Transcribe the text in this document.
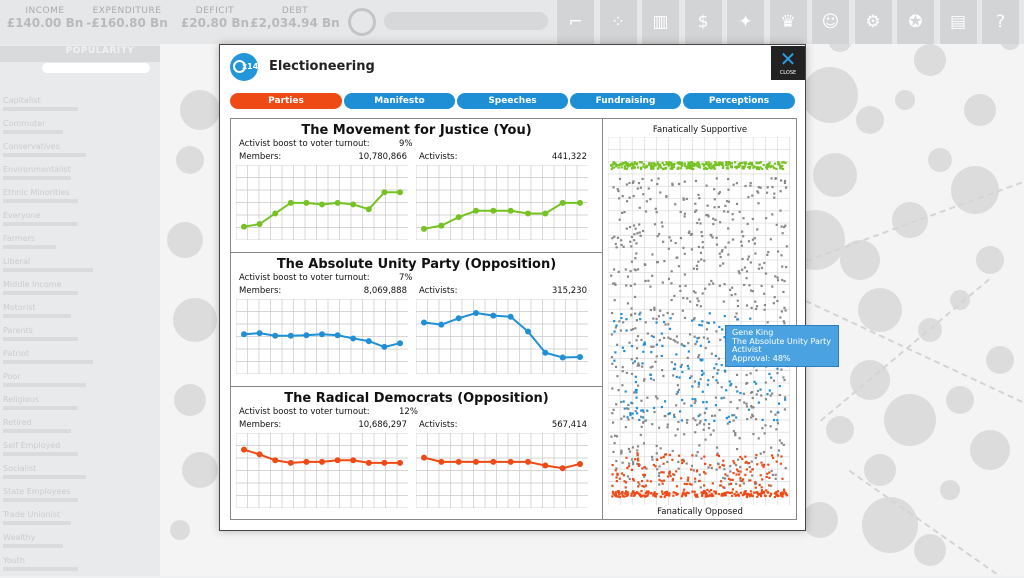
INCOME
£140.00 Bn
EXPENDITURE
-£160.80 Bn
DEFICIT
£20.80 Bn
DEBT
£2,034.94 Bn	⌐	⁘	▥	$	✦	♛	☺	⚙	✪	▤	?
POPULARITY
Capitalist
Commuter
Conservatives
Environmentalist
Ethnic Minorities
Everyone
Farmers
Liberal
Middle Income
Motorist
Parents
Patriot
Poor
Religious
Retired
Self Employed
Socialist
State Employees
Trade Unionist
Wealthy
Youth
x14 Electioneering	✕
CLOSE
Parties	Manifesto	Speeches	Fundraising	Perceptions
The Movement for Justice (You)
Activist boost to voter turnout:	9%
Members:	10,780,866 Activists:	441,322
The Absolute Unity Party (Opposition)
Activist boost to voter turnout:	7%
Members:	8,069,888 Activists:	315,230
The Radical Democrats (Opposition)
Activist boost to voter turnout:	12%
Members:	10,686,297 Activists:	567,414
Fanatically Supportive
Fanatically Opposed
Gene King
The Absolute Unity Party
Activist
Approval: 48%
